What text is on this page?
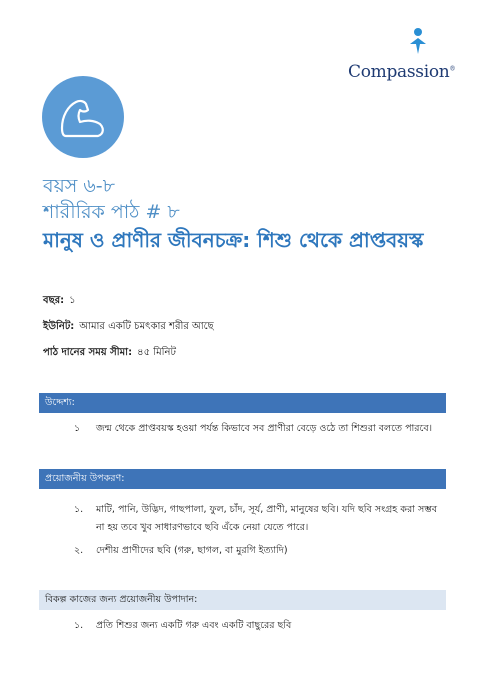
Compassion®
বয়স ৬-৮
শারীরিক পাঠ # ৮
মানুষ ও প্রাণীর জীবনচক্র: শিশু থেকে প্রাপ্তবয়স্ক
বছর: ১
ইউনিট: আমার একটি চমৎকার শরীর আছে
পাঠ দানের সময় সীমা: ৪৫ মিনিট
উদ্দেশ্য:
১ জন্ম থেকে প্রাপ্তবয়স্ক হওয়া পর্যন্ত কিভাবে সব প্রাণীরা বেড়ে ওঠে তা শিশুরা বলতে পারবে।
প্রয়োজনীয় উপকরণ:
১. মাটি, পানি, উদ্ভিদ, গাছপালা, ফুল, চাঁদ, সূর্য, প্রাণী, মানুষের ছবি। যদি ছবি সংগ্রহ করা সম্ভব না হয় তবে খুব সাধারণভাবে ছবি এঁকে নেয়া যেতে পারে।
২. দেশীয় প্রাণীদের ছবি (গরু, ছাগল, বা মুরগি ইত্যাদি)
বিকল্প কাজের জন্য প্রয়োজনীয় উপাদান:
১. প্রতি শিশুর জন্য একটি গরু এবং একটি বাছুরের ছবি
